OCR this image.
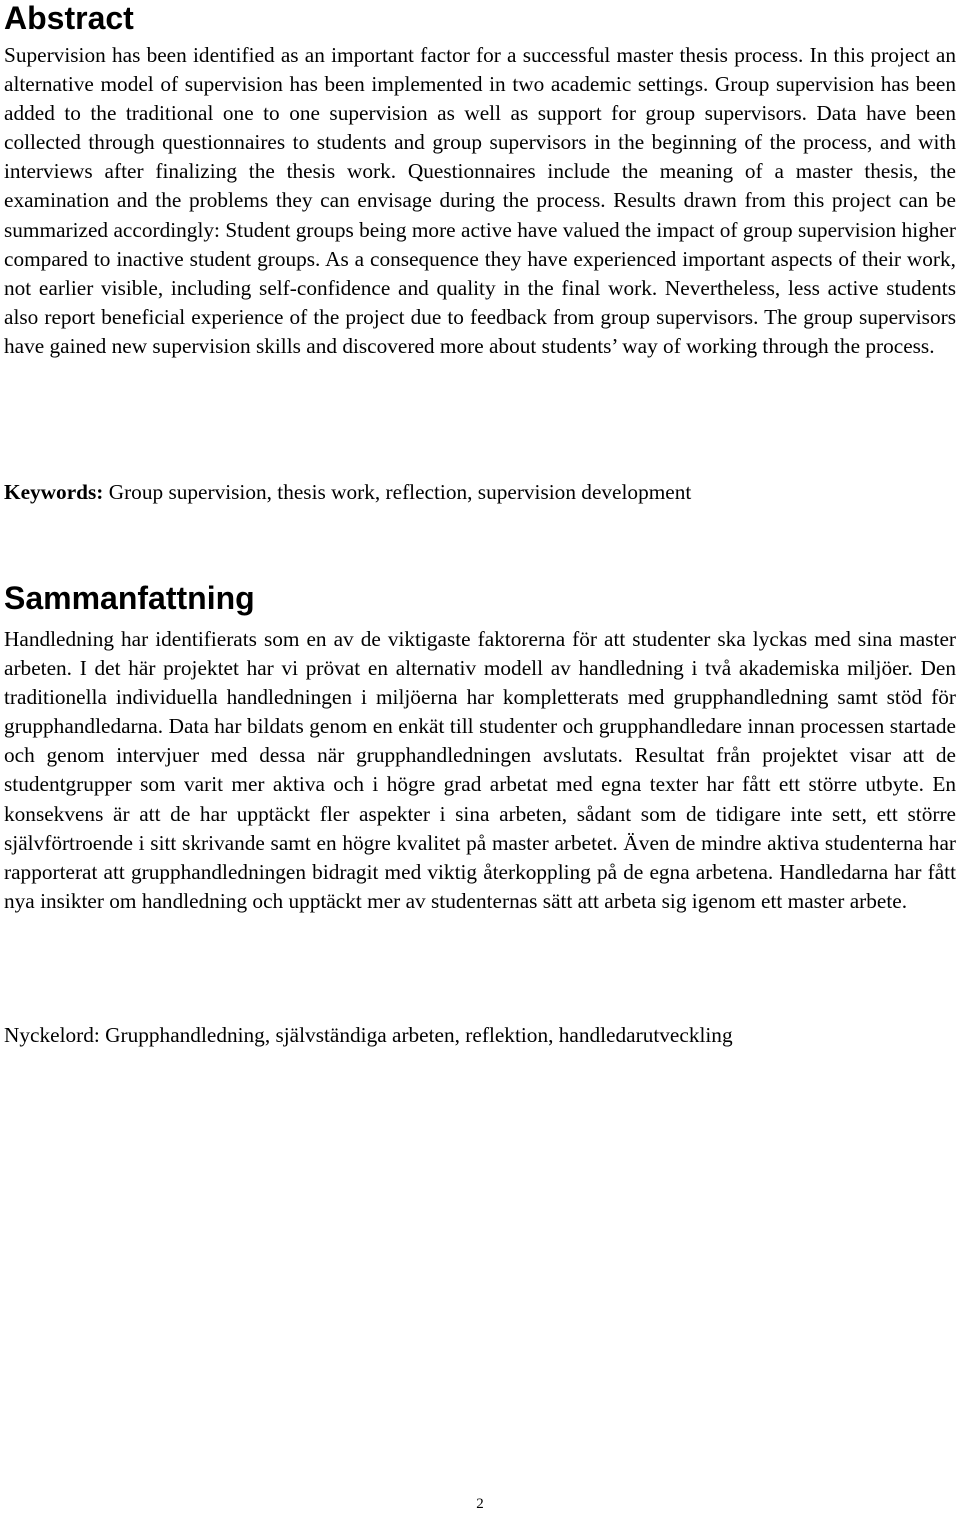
Abstract

Supervision has been identified as an important factor for a successful master thesis process. In this project an alternative model of supervision has been implemented in two academic settings. Group supervision has been added to the traditional one to one supervision as well as support for group supervisors. Data have been collected through questionnaires to students and group supervisors in the beginning of the process, and with interviews after finalizing the thesis work. Questionnaires include the meaning of a master thesis, the examination and the problems they can envisage during the process. Results drawn from this project can be summarized accordingly: Student groups being more active have valued the impact of group supervision higher compared to inactive student groups. As a consequence they have experienced important aspects of their work, not earlier visible, including self-confidence and quality in the final work. Nevertheless, less active students also report beneficial experience of the project due to feedback from group supervisors. The group supervisors have gained new supervision skills and discovered more about students’ way of working through the process.

Keywords: Group supervision, thesis work, reflection, supervision development

Sammanfattning

Handledning har identifierats som en av de viktigaste faktorerna för att studenter ska lyckas med sina master arbeten. I det här projektet har vi prövat en alternativ modell av handledning i två akademiska miljöer. Den traditionella individuella handledningen i miljöerna har kompletterats med grupphandledning samt stöd för grupphandledarna. Data har bildats genom en enkät till studenter och grupphandledare innan processen startade och genom intervjuer med dessa när grupphandledningen avslutats. Resultat från projektet visar att de studentgrupper som varit mer aktiva och i högre grad arbetat med egna texter har fått ett större utbyte. En konsekvens är att de har upptäckt fler aspekter i sina arbeten, sådant som de tidigare inte sett, ett större självförtroende i sitt skrivande samt en högre kvalitet på master arbetet. Även de mindre aktiva studenterna har rapporterat att grupphandledningen bidragit med viktig återkoppling på de egna arbetena. Handledarna har fått nya insikter om handledning och upptäckt mer av studenternas sätt att arbeta sig igenom ett master arbete.

Nyckelord: Grupphandledning, självständiga arbeten, reflektion, handledarutveckling

2
